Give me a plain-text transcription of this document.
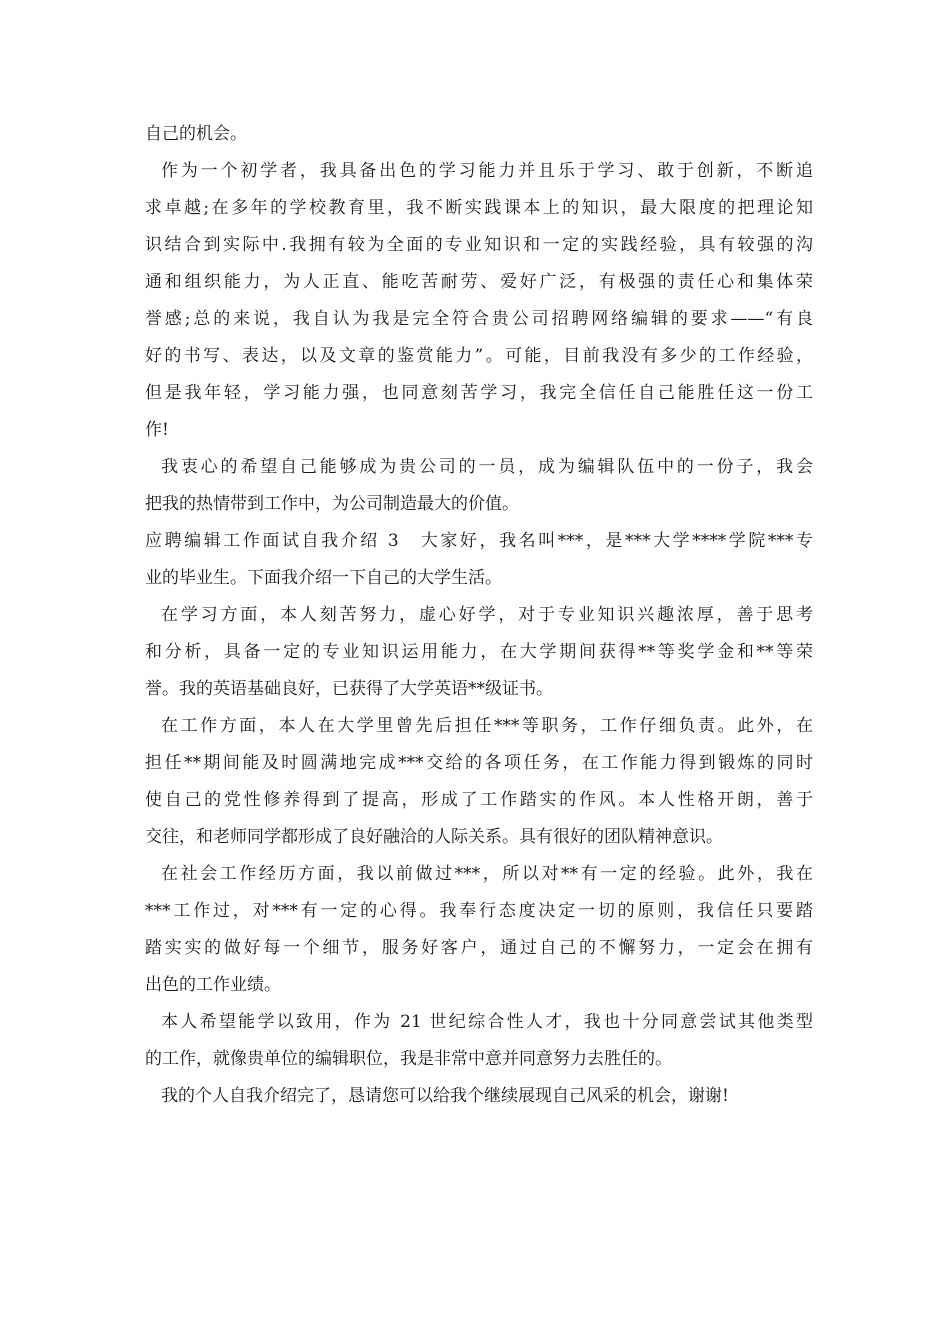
自己的机会。
作为一个初学者，我具备出色的学习能力并且乐于学习、敢于创新，不断追
求卓越;在多年的学校教育里，我不断实践课本上的知识，最大限度的把理论知
识结合到实际中.我拥有较为全面的专业知识和一定的实践经验，具有较强的沟
通和组织能力，为人正直、能吃苦耐劳、爱好广泛，有极强的责任心和集体荣
誉感;总的来说，我自认为我是完全符合贵公司招聘网络编辑的要求——“有良
好的书写、表达，以及文章的鉴赏能力”。可能，目前我没有多少的工作经验，
但是我年轻，学习能力强，也同意刻苦学习，我完全信任自己能胜任这一份工
作!
我衷心的希望自己能够成为贵公司的一员，成为编辑队伍中的一份子，我会
把我的热情带到工作中，为公司制造最大的价值。
应聘编辑工作面试自我介绍 3　大家好，我名叫***，是***大学****学院***专
业的毕业生。下面我介绍一下自己的大学生活。
在学习方面，本人刻苦努力，虚心好学，对于专业知识兴趣浓厚，善于思考
和分析，具备一定的专业知识运用能力，在大学期间获得**等奖学金和**等荣
誉。我的英语基础良好，已获得了大学英语**级证书。
在工作方面，本人在大学里曾先后担任***等职务，工作仔细负责。此外，在
担任**期间能及时圆满地完成***交给的各项任务，在工作能力得到锻炼的同时
使自己的党性修养得到了提高，形成了工作踏实的作风。本人性格开朗，善于
交往，和老师同学都形成了良好融洽的人际关系。具有很好的团队精神意识。
在社会工作经历方面，我以前做过***，所以对**有一定的经验。此外，我在
***工作过，对***有一定的心得。我奉行态度决定一切的原则，我信任只要踏
踏实实的做好每一个细节，服务好客户，通过自己的不懈努力，一定会在拥有
出色的工作业绩。
本人希望能学以致用，作为 21 世纪综合性人才，我也十分同意尝试其他类型
的工作，就像贵单位的编辑职位，我是非常中意并同意努力去胜任的。
我的个人自我介绍完了，恳请您可以给我个继续展现自己风采的机会，谢谢!
